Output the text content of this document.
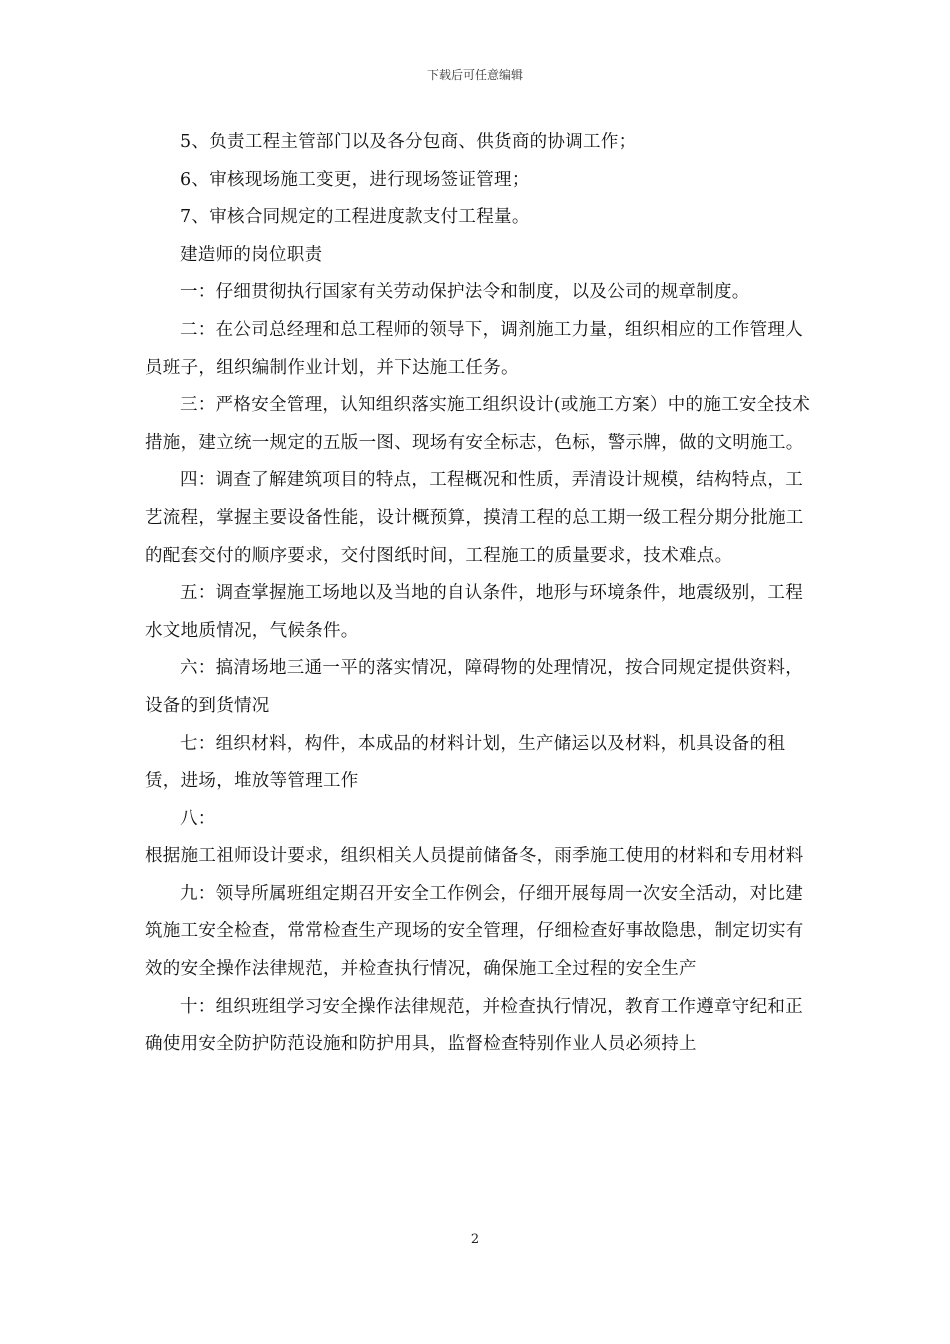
下载后可任意编辑

5、负责工程主管部门以及各分包商、供货商的协调工作；

6、审核现场施工变更，进行现场签证管理；

7、审核合同规定的工程进度款支付工程量。

建造师的岗位职责

一：仔细贯彻执行国家有关劳动保护法令和制度，以及公司的规章制度。

二：在公司总经理和总工程师的领导下，调剂施工力量，组织相应的工作管理人员班子，组织编制作业计划，并下达施工任务。

三：严格安全管理，认知组织落实施工组织设计(或施工方案）中的施工安全技术措施，建立统一规定的五版一图、现场有安全标志，色标，警示牌，做的文明施工。

四：调查了解建筑项目的特点，工程概况和性质，弄清设计规模，结构特点，工艺流程，掌握主要设备性能，设计概预算，摸清工程的总工期一级工程分期分批施工的配套交付的顺序要求，交付图纸时间，工程施工的质量要求，技术难点。

五：调查掌握施工场地以及当地的自认条件，地形与环境条件，地震级别，工程水文地质情况，气候条件。

六：搞清场地三通一平的落实情况，障碍物的处理情况，按合同规定提供资料，设备的到货情况

七：组织材料，构件，本成品的材料计划，生产储运以及材料，机具设备的租赁，进场，堆放等管理工作

八：

根据施工祖师设计要求，组织相关人员提前储备冬，雨季施工使用的材料和专用材料

九：领导所属班组定期召开安全工作例会，仔细开展每周一次安全活动，对比建筑施工安全检查，常常检查生产现场的安全管理，仔细检查好事故隐患，制定切实有效的安全操作法律规范，并检查执行情况，确保施工全过程的安全生产

十：组织班组学习安全操作法律规范，并检查执行情况，教育工作遵章守纪和正确使用安全防护防范设施和防护用具，监督检查特别作业人员必须持上

2
